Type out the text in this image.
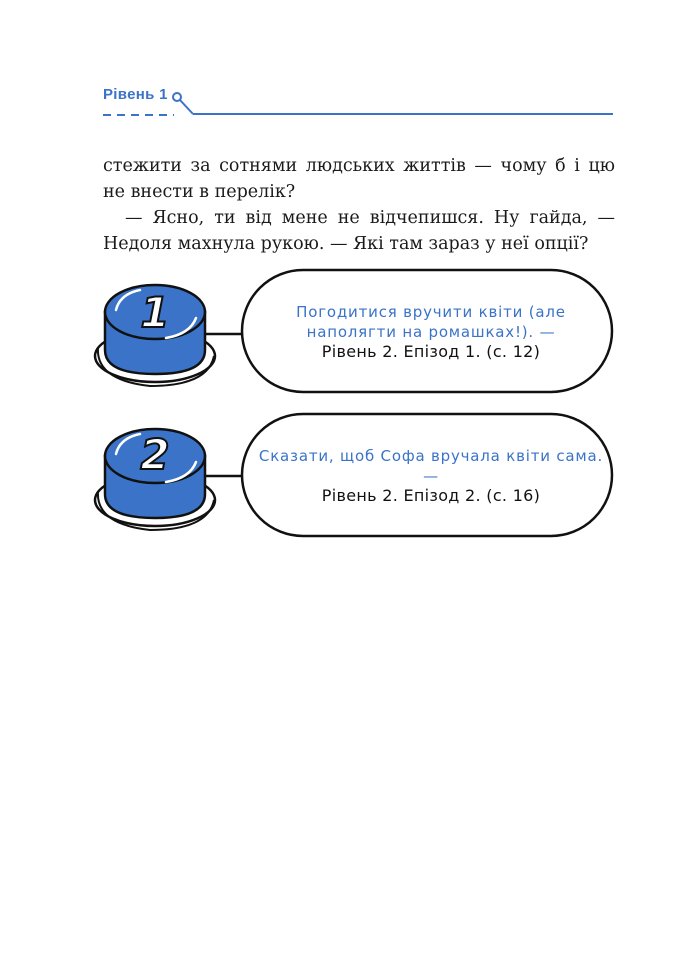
Рівень 1

стежити за сотнями людських життів — чому б і цю не внести в перелік?

— Ясно, ти від мене не відчепишся. Ну гайда, — Недоля махнула рукою. — Які там зараз у неї опції?

1	Погодитися вручити квіти (але наполягти на ромашках!). —
Рівень 2. Епізод 1. (с. 12)
2	Сказати, щоб Софа вручала квіти сама. —
Рівень 2. Епізод 2. (с. 16)
